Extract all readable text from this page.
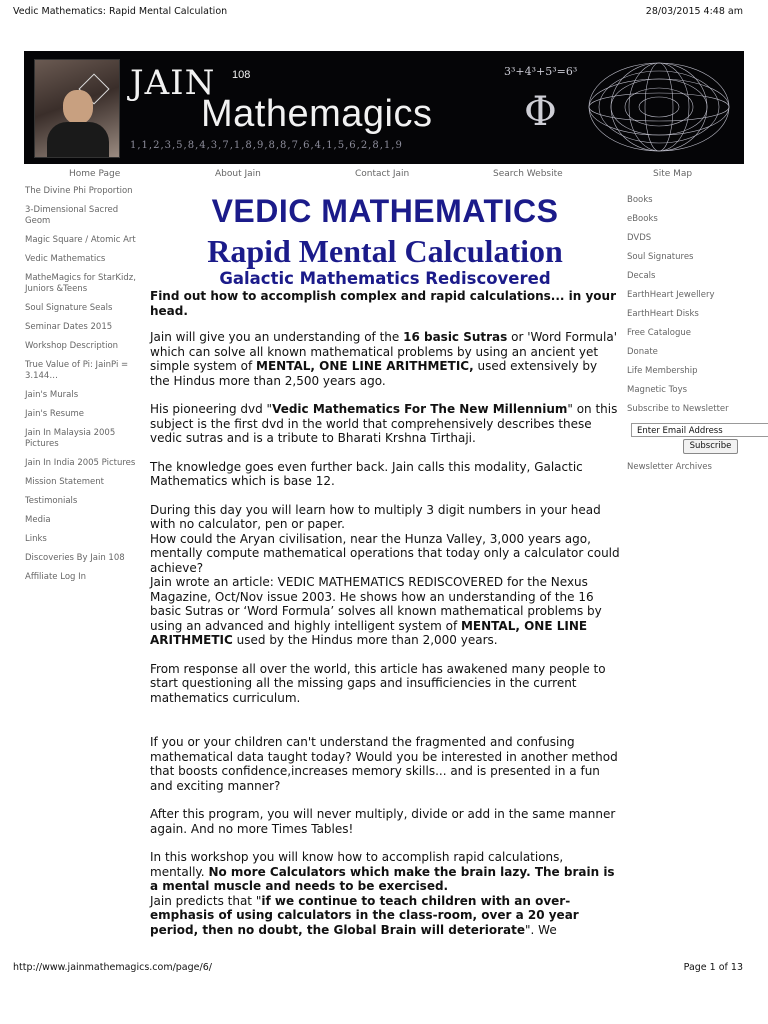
Vedic Mathematics: Rapid Mental Calculation	28/03/2015 4:48 am
JAIN 108
Mathemagics
1,1,2,3,5,8,4,3,7,1,8,9,8,8,7,6,4,1,5,6,2,8,1,9
3³+4³+5³=6³
Φ
Home Page	About Jain	Contact Jain	Search Website	Site Map
The Divine Phi Proportion
3-Dimensional Sacred Geom
Magic Square / Atomic Art
Vedic Mathematics
MatheMagics for StarKidz, Juniors &Teens
Soul Signature Seals
Seminar Dates 2015
Workshop Description
True Value of Pi: JainPi = 3.144…
Jain's Murals
Jain's Resume
Jain In Malaysia 2005 Pictures
Jain In India 2005 Pictures
Mission Statement
Testimonials
Media
Links
Discoveries By Jain 108
Affiliate Log In
Books
eBooks
DVDS
Soul Signatures
Decals
EarthHeart Jewellery
EarthHeart Disks
Free Catalogue
Donate
Life Membership
Magnetic Toys
Subscribe to Newsletter
Enter Email Address
Subscribe
Newsletter Archives
VEDIC MATHEMATICS
Rapid Mental Calculation
Galactic Mathematics Rediscovered

Find out how to accomplish complex and rapid calculations... in your head.

Jain will give you an understanding of the 16 basic Sutras or 'Word Formula' which can solve all known mathematical problems by using an ancient yet simple system of MENTAL, ONE LINE ARITHMETIC, used extensively by the Hindus more than 2,500 years ago.

His pioneering dvd "Vedic Mathematics For The New Millennium" on this subject is the first dvd in the world that comprehensively describes these vedic sutras and is a tribute to Bharati Krshna Tirthaji.

The knowledge goes even further back. Jain calls this modality, Galactic Mathematics which is base 12.

During this day you will learn how to multiply 3 digit numbers in your head with no calculator, pen or paper.

How could the Aryan civilisation, near the Hunza Valley, 3,000 years ago, mentally compute mathematical operations that today only a calculator could achieve?

Jain wrote an article: VEDIC MATHEMATICS REDISCOVERED for the Nexus Magazine, Oct/Nov issue 2003. He shows how an understanding of the 16 basic Sutras or ‘Word Formula’ solves all known mathematical problems by using an advanced and highly intelligent system of MENTAL, ONE LINE ARITHMETIC used by the Hindus more than 2,000 years.

From response all over the world, this article has awakened many people to start questioning all the missing gaps and insufficiencies in the current mathematics curriculum.

If you or your children can't understand the fragmented and confusing mathematical data taught today? Would you be interested in another method that boosts confidence,increases memory skills... and is presented in a fun and exciting manner?

After this program, you will never multiply, divide or add in the same manner again. And no more Times Tables!

In this workshop you will know how to accomplish rapid calculations, mentally. No more Calculators which make the brain lazy. The brain is a mental muscle and needs to be exercised.

Jain predicts that "if we continue to teach children with an over-emphasis of using calculators in the class-room, over a 20 year period, then no doubt, the Global Brain will deteriorate". We

http://www.jainmathemagics.com/page/6/	Page 1 of 13
